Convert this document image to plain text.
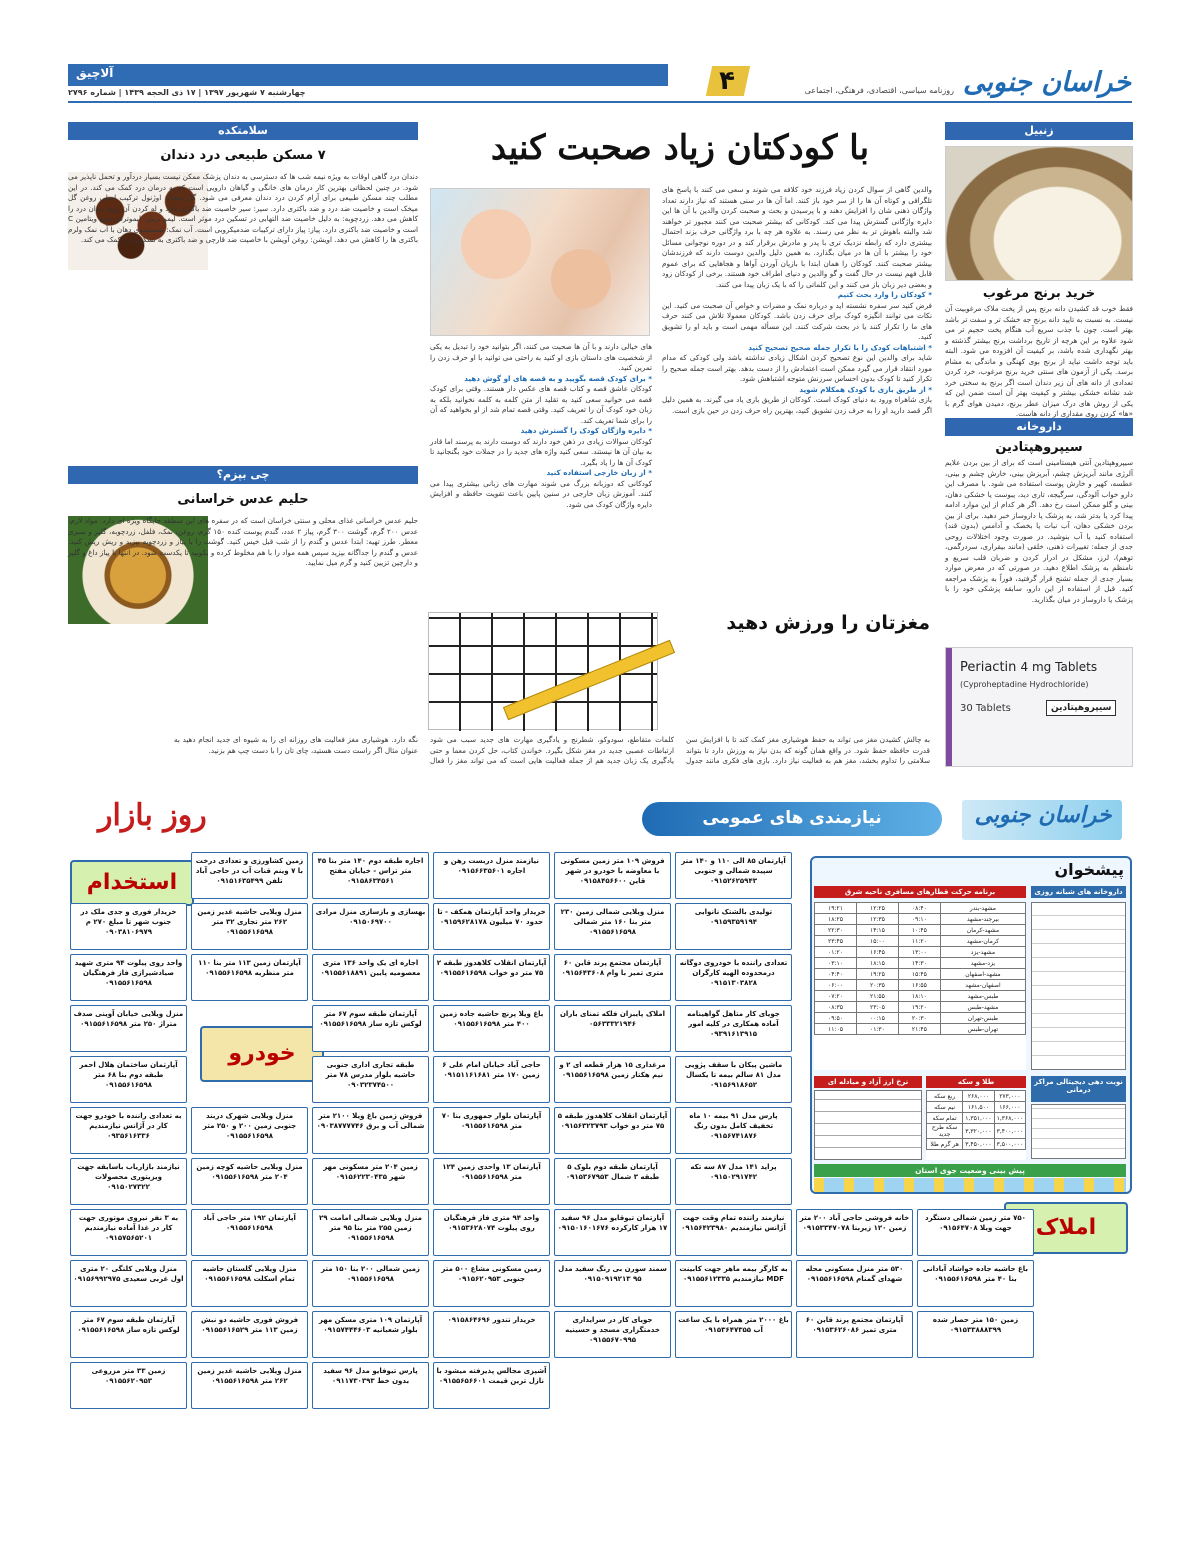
خراسان جنوبی
روزنامه سیاسی، اقتصادی، فرهنگی، اجتماعی
۴
آلاچیق
چهارشنبه ۷ شهریور ۱۳۹۷ | ۱۷ ذی الحجه ۱۴۳۹ | شماره ۲۷۹۶
زنبیل
خرید برنج مرغوب
فقط خوب قد کشیدن دانه برنج پس از پخت ملاک مرغوبیت آن نیست. به نسبت به تایید دانه برنج جه خشک تر و سفت تر باشد بهتر است. چون با جذب سریع آب هنگام پخت حجیم تر می شود علاوه بر این هرچه از تاریخ برداشت برنج بیشتر گذشته و بهتر نگهداری شده باشد، بر کیفیت آن افزوده می شود. البته باید توجه داشت نباید از برنج بوی کهنگی و ماندگی به مشام برسد. یکی از آزمون های سنتی خرید برنج مرغوب، خرد کردن تعدادی از دانه های آن زیر دندان است اگر برنج به سختی خرد شد نشانه خشکی بیشتر و کیفیت بهتر آن است ضمن این که یکی از روش های درک میزان عطر برنج، دمیدن هوای گرم با «ها» کردن روی مقداری از دانه هاست.
داروخانه
سیپروهپتادین
سیپروهپتادین آنتی هیستامینی است که برای از بین بردن علایم آلرژی مانند آبریزش چشم، آبریزش بینی، خارش چشم و بینی، عطسه، کهیر و خارش پوست استفاده می شود. با مصرف این دارو خواب آلودگی، سرگیجه، تاری دید، یبوست یا خشکی دهان، بینی و گلو ممکن است رخ دهد. اگر هر کدام از این موارد ادامه پیدا کرد یا بدتر شد، به پزشک یا داروساز خبر دهید. برای از بین بردن خشکی دهان، آب نبات یا بخصک و آدامس (بدون قند) استفاده کنید یا آب بنوشید. در صورت وجود اختلالات روحی جدی از جمله: تغییرات ذهنی، خلقی (مانند بیقراری، سردرگمی، توهم)، لرز، مشکل در ادرار کردن و ضربان قلب سریع و نامنظم به پزشک اطلاع دهید. در صورتی که در معرض موارد بسیار جدی از جمله تشنج قرار گرفتید، فوراً به پزشک مراجعه کنید. قبل از استفاده از این دارو، سابقه پزشکی خود را با پزشک یا داروساز در میان بگذارید.
Periactin 4 mg Tablets
(Cyproheptadine Hydrochloride)
30 Tablets	سیپروهپتادین
با کودکتان زیاد صحبت کنید

والدین گاهی از سوال کردن زیاد فرزند خود کلافه می شوند و سعی می کنند با پاسخ های تلگرافی و کوتاه آن ها را از سر خود باز کنند. اما آن ها در سنی هستند که نیاز دارند تعداد واژگان ذهنی شان را افزایش دهند و با پرسیدن و بحث و صحبت کردن والدین با آن ها این دایره واژگانی گسترش پیدا می کند. کودکانی که بیشتر صحبت می کنند مجبور تر خواهند شد والبته باهوش تر به نظر می رسند. به علاوه هر چه با برد واژگانی حرف بزند احتمال بیشتری دارد که رابطه نزدیک تری با پدر و مادرش برقرار کند و در دوره نوجوانی مسائل خود را بیشتر با آن ها در میان بگذارد. به همین دلیل والدین دوست دارند که فرزندشان بیشتر صحبت کنند. کودکان را همان ابتدا با بازیان آوردن آواها و هجاهایی که برای عموم قابل فهم نیست در حال گفت و گو والدین و دنیای اطراف خود هستند. برخی از کودکان زود و بعضی دیر زبان باز می کنند و این کلماتی را که با یک زبان پیدا می کنند.

* کودکان را وارد بحث کنیم

فرض کنید سر سفره نشسته اید و درباره نمک و مضرات و خواص آن صحبت می کنید. این نکات می توانند انگیزه کودک برای حرف زدن باشد. کودکان معمولا تلاش می کنند حرف های ما را تکرار کنند یا در بحث شرکت کنند. این مسأله مهمی است و باید او را تشویق کنید.

* اشتباهات کودک را با تکرار جمله صحیح تصحیح کنید

شاید برای والدین این نوع تصحیح کردن اشکال زیادی نداشته باشد ولی کودکی که مدام مورد انتقاد قرار می گیرد ممکن است اعتمادش را از دست بدهد. بهتر است جمله صحیح را تکرار کنید تا کودک بدون احساس سرزنش متوجه اشتباهش شود.

* از طریق بازی با کودک همکلام شوید

بازی شاهراه ورود به دنیای کودک است. کودکان از طریق بازی یاد می گیرند. به همین دلیل اگر قصد دارید او را به حرف زدن تشویق کنید، بهترین راه حرف زدن در حین بازی است.

های خیالی دارند و با آن ها صحبت می کنند، اگر بتوانید خود را تبدیل به یکی از شخصیت های داستان بازی او کنید به راحتی می توانید با او حرف زدن را تمرین کنید.

* برای کودک قصه بگویید و به قصه های او گوش دهید

کودکان عاشق قصه و کتاب قصه های عکس دار هستند. وقتی برای کودک قصه می خوانید سعی کنید به تقلید از متن کلمه به کلمه نخوانید بلکه به زبان خود کودک آن را تعریف کنید. وقتی قصه تمام شد از او بخواهید که آن را برای شما تعریف کند.

* دایره واژگان کودک را گسترش دهید

کودکان سوالات زیادی در ذهن خود دارند که دوست دارند به پرسند اما قادر به بیان آن ها نیستند. سعی کنید واژه های جدید را در جملات خود بگنجانید تا کودک آن ها را یاد بگیرد.

* از زبان خارجی استفاده کنید

کودکانی که دوزبانه بزرگ می شوند مهارت های زبانی بیشتری پیدا می کنند. آموزش زبان خارجی در سنین پایین باعث تقویت حافظه و افزایش دایره واژگان کودک می شود.

مغزتان را ورزش دهید
به چالش کشیدن مغز می تواند به حفظ هوشیاری مغز کمک کند تا با افزایش سن قدرت حافظه حفظ شود. در واقع همان گونه که بدن نیاز به ورزش دارد تا بتواند سلامتی را تداوم بخشد، مغز هم به فعالیت نیاز دارد. بازی های فکری مانند جدول کلمات متقاطع، سودوکو، شطرنج و یادگیری مهارت های جدید سبب می شود ارتباطات عصبی جدید در مغز شکل بگیرد. خواندن کتاب، حل کردن معما و حتی یادگیری یک زبان جدید هم از جمله فعالیت هایی است که می تواند مغز را فعال نگه دارد. هوشیاری مغز فعالیت های روزانه ای را به شیوه ای جدید انجام دهید به عنوان مثال اگر راست دست هستید، چای تان را با دست چپ هم بزنید.
سلامتکده
۷ مسکن طبیعی درد دندان
دندان درد گاهی اوقات به ویژه نیمه شب ها که دسترسی به دندان پزشک ممکن نیست بسیار دردآور و تحمل ناپذیر می شود. در چنین لحظاتی بهترین کار درمان های خانگی و گیاهان دارویی است که به درمان درد کمک می کند. در این مطلب چند مسکن طبیعی برای آرام کردن درد دندان معرفی می شود. گل میخک: اوژنول ترکیب اصلی روغن گل میخک است و خاصیت ضد درد و ضد باکتری دارد. سیر: سیر خاصیت ضد باکتری دارد و له کردن آن روی دندان درد را کاهش می دهد. زردچوبه: به دلیل خاصیت ضد التهابی در تسکین درد موثر است. لیمو ترش: لیموترش منبع ویتامین C است و خاصیت ضد باکتری دارد. پیاز: پیاز دارای ترکیبات ضدمیکروبی است. آب نمک: شستشوی دهان با آب نمک ولرم باکتری ها را کاهش می دهد. اویشن: روغن آویشن با خاصیت ضد قارچی و ضد باکتری به تسکین درد کمک می کند.
چی بپزم؟
حلیم عدس خراسانی
حلیم عدس خراسانی غذای محلی و سنتی خراسان است که در سفره های این منطقه جایگاه ویژه ای دارد. مواد لازم: عدس ۲۰۰ گرم، گوشت ۳۰۰ گرم، پیاز ۲ عدد، گندم پوست کنده ۱۵۰ گرم، روغن، نمک، فلفل، زردچوبه، گلپر و سبزی معطر. طرز تهیه: ابتدا عدس و گندم را از شب قبل خیس کنید. گوشت را با پیاز و زردچوبه بپزید و ریش ریش کنید. عدس و گندم را جداگانه بپزید سپس همه مواد را با هم مخلوط کرده و بکوبید تا یکدست شود. در انتها با پیاز داغ و گلپر و دارچین تزیین کنید و گرم میل نمایید.
خراسان جنوبی
نیازمندی های عمومی
روز بازار
پیشخوان
داروخانه های شبانه روزی
برنامه حرکت قطارهای مسافری ناحیه شرق
مشهد-بندر	۰۸:۴۰	۱۲:۲۵	۱۹:۲۱
بیرجند-مشهد	۰۹:۱۰	۱۲:۳۵	۱۸:۲۵
مشهد-کرمان	۱۰:۴۵	۱۴:۱۵	۲۲:۳۰
کرمان-مشهد	۱۱:۲۰	۱۵:۰۰	۲۳:۴۵
مشهد-یزد	۱۳:۰۰	۱۶:۴۵	۰۱:۲۰
یزد-مشهد	۱۴:۳۰	۱۸:۱۵	۰۳:۱۰
مشهد-اصفهان	۱۵:۴۵	۱۹:۲۵	۰۴:۴۰
اصفهان-مشهد	۱۶:۵۵	۲۰:۳۵	۰۶:۰۰
طبس-مشهد	۱۸:۱۰	۲۱:۵۵	۰۷:۲۰
مشهد-طبس	۱۹:۲۰	۲۳:۰۵	۰۸:۳۵
طبس-تهران	۲۰:۳۰	۰۰:۱۵	۰۹:۵۰
تهران-طبس	۲۱:۴۵	۰۱:۳۰	۱۱:۰۵
نوبت دهی دیجیتالی مراکز درمانی
طلا و سکه
۲۷۳,۰۰۰	۲۶۸,۰۰۰	ربع سکه
۱۶۶,۰۰۰	۱۶۱,۵۰۰	نیم سکه
۱,۳۶۸,۰۰۰	۱,۳۵۱,۰۰۰	تمام سکه
۳,۴۰۰,۰۰۰	۳,۳۲۰,۰۰۰	سکه طرح جدید
۳,۵۰۰,۰۰۰	۳,۴۵۰,۰۰۰	هر گرم طلا
نرخ ارز آزاد و مبادله ای
پیش بینی وضعیت جوی استان
استخدام
خودرو
املاک
زمین کشاورزی و تعدادی درخت با ۷ وینم قنات آب در حاجی آباد تلفن ۰۹۱۵۱۶۳۵۴۹۹
اجاره طبقه دوم ۱۴۰ متر بنا ۴۵ متر تراس - خیابان مفتح ۰۹۱۵۸۶۳۴۵۶۱
نیازمند منزل دربست رهن و اجاره ۰۹۱۵۶۶۳۵۶۰۱
فروش ۱۰۹ متر زمین مسکونی با معاوضه با خودرو در شهر قاین ۰۹۱۵۸۴۵۶۶۰۰
آپارتمان ۸۵ الی ۱۱۰ و ۱۴۰ متر سپیده شمالی و جنوبی ۰۹۱۵۲۶۲۵۹۴۳
خریدار فوری و جدی ملک در جنوب شهر تا مبلغ ۲۷۰ م ۰۹۰۳۸۱۰۶۹۷۹
منزل ویلایی حاشیه غدیر زمین ۲۶۲ متر تجاری ۳۲ متر ۰۹۱۵۵۶۱۶۵۹۸
بهسازی و بازسازی منزل مرادی ۰۹۱۵۰۶۹۷۰۰
خریدار واحد آپارتمان همکف - تا حدود ۷۰ میلیون ۰۹۱۵۹۶۲۸۱۷۸
منزل ویلایی شمالی زمین ۲۳۰ متر بنا ۱۶۰ متر شمالی ۰۹۱۵۵۶۱۶۵۹۸
تولیدی بالشتک نانوایی ۰۹۱۵۹۳۵۹۱۹۴
واحد روی پیلوت ۹۴ متری شهید صیادشیرازی فاز فرهنگیان ۰۹۱۵۵۶۱۶۵۹۸
آپارتمان زمین ۱۱۳ متر بنا ۱۱۰ متر منظریه ۰۹۱۵۵۶۱۶۵۹۸
اجاره ای یک واحد ۱۳۶ متری معصومیه پایین ۰۹۱۵۵۶۱۸۸۹۱
آپارتمان انقلاب کلاهدوز طبقه ۲ ۷۵ متر دو خواب ۰۹۱۵۵۶۱۶۵۹۸
آپارتمان مجتمع پرند قاین ۶۰ متری تمیز با وام ۰۹۱۵۶۴۳۶۰۸
تعدادی راننده با خودروی دوگانه درمحدوده الهیه کارگران ۰۹۱۵۱۳۰۳۸۲۸
منزل ویلایی خیابان آوینی صدف متراژ ۲۵۰ متر ۰۹۱۵۵۶۱۶۵۹۸
آپارتمان طبقه سوم ۶۷ متر لوکس تازه ساز ۰۹۱۵۵۶۱۶۵۹۸
باغ ویلا پرنچ حاشیه جاده زمین ۴۰۰ متر ۰۹۱۵۵۶۱۶۵۹۸
املاک پایبزان فلکه تمنای باران ۰۵۶۳۳۳۲۱۹۴۶
جویای کار متاهل گواهینامه آماده همکاری در کلیه امور ۰۹۳۹۱۶۱۳۹۱۵
آپارتمان ساختمان هلال احمر طبقه دوم بنا ۶۸ متر ۰۹۱۵۵۶۱۶۵۹۸
طبقه تجاری اداری جنوبی حاشیه بلوار مدرس ۷۸ متر ۰۹۰۳۲۳۷۴۵۰۰
حاجی آباد خیابان امام علی ۶ زمین ۱۷۰ متر ۰۹۱۵۱۱۶۱۶۸۱
مرغداری ۱۵ هزار قطعه ای ۲ و نیم هکتار زمین ۰۹۱۵۵۶۱۶۵۹۸
ماشین پیکان با سقف پژویی مدل ۸۱ سالم بیمه تا یکسال ۰۹۱۵۶۹۱۸۶۵۲
به تعدادی راننده با خودرو جهت کار در آژانس نیازمندیم ۰۹۳۵۶۱۶۳۳۶
منزل ویلایی شهرک دربند جنوبی زمین ۲۰۰ و ۲۵۰ متر ۰۹۱۵۵۶۱۶۵۹۸
فروش زمین باغ ویلا ۲۱۰۰ متر شمالی آب و برق ۰۹۰۳۸۷۷۷۷۴۶
آپارتمان بلوار جمهوری بنا ۷۰ متر ۰۹۱۵۵۶۱۶۵۹۸
آپارتمان انقلاب کلاهدوز طبقه ۵ ۷۵ متر دو خواب ۰۹۱۵۶۳۲۳۷۹۳
پارس مدل ۹۱ بیمه ۱۰ ماه تخفیف کامل بدون رنگ ۰۹۱۵۶۷۴۱۸۷۶
نیازمند بازاریاب باسابقه جهت ویزیتوری محصولات ۰۹۱۵۰۲۷۳۲۲
منزل ویلایی حاشیه کوچه زمین ۲۰۴ متر ۰۹۱۵۵۶۱۶۵۹۸
زمین ۲۰۴ متر مسکونی مهر شهر ۰۹۱۵۶۲۲۳۰۴۳۵
آپارتمان ۱۳ واحدی زمین ۱۲۴ متر ۰۹۱۵۵۶۱۶۵۹۸
آپارتمان طبقه دوم بلوک ۵ طبقه ۳ شمال ۰۹۱۵۳۶۷۹۵۳
پراید ۱۴۱ مدل ۸۷ سه تکه ۰۹۱۵۰۲۹۱۷۴۲
به ۳ نفر نیروی موتوری جهت کار در غذا آماده نیازمندیم ۰۹۱۵۷۵۶۵۲۰۱
آپارتمان ۱۹۲ متر حاجی آباد ۰۹۱۵۵۶۱۶۵۹۸
منزل ویلایی شمالی امامت ۲۹ زمین ۲۵۵ متر بنا ۹۵ متر ۰۹۱۵۵۶۱۶۵۹۸
واحد ۹۴ متری فاز فرهنگیان روی پیلوت ۰۹۱۵۳۶۲۸۰۷۴
آپارتمان تیوقایو مدل ۹۶ سفید ۱۷ هزار کارکرده ۰۹۱۵۰۱۶۰۱۶۷۶
نیازمند راننده تمام وقت جهت آژانس نیازمندیم ۰۹۱۵۶۴۲۳۹۸۰
خانه فروشی حاجی آباد ۲۰۰ متر زمین ۱۲۰ زیربنا ۰۹۱۵۳۳۴۷۰۷۸
۷۵۰ متر زمین شمالی دستگرد جهت ویلا ۰۹۱۵۶۴۷۰۸
منزل ویلایی کلنگی ۲۰ متری اول غربی سعیدی ۰۹۱۵۶۹۹۲۹۷۵
منزل ویلایی گلستان حاشیه تمام اسکلت ۰۹۱۵۵۶۱۶۵۹۸
زمین شمالی ۲۰۰ بنا ۱۵۰ متر ۰۹۱۵۵۶۱۶۵۹۸
زمین مسکونی مشاع ۵۰۰ متر جنوبی ۰۹۱۵۶۲۰۹۵۳
سمند سورن بی رنگ سفید مدل ۹۵ ۰۹۱۵۰۹۱۹۲۱۳
به کارگر بیمه ماهر جهت کابینت MDF نیازمندیم ۰۹۱۵۵۶۱۲۳۳۵
۵۳۰ متر منزل مسکونی محله شهدای گمنام ۰۹۱۵۵۶۱۶۵۹۸
باغ حاشیه جاده خواشاد آبادانی بنا ۴۰ متر ۰۹۱۵۵۶۱۶۵۹۸
آپارتمان طبقه سوم ۶۷ متر لوکس تازه ساز ۰۹۱۵۵۶۱۶۵۹۸
فروش فوری حاشیه دو نبش زمین ۱۱۳ متر ۰۹۱۵۵۶۱۶۵۲۹
آپارتمان ۱۰۹ متری مسکن مهر بلوار شعبانیه ۰۹۱۵۷۴۴۴۶۰۳
خریدار تندور ۰۹۱۵۸۶۴۶۹۶	جویای کار در سرایداری خدمتگزاری مسجد و حسینیه ۰۹۱۵۵۶۷۰۹۹۵
باغ ۲۰۰۰ متر همراه با یک ساعت آب ۰۹۱۵۳۶۴۷۳۵۵
آپارتمان مجتمع پرند قاین ۶۰ متری تمیز ۰۹۱۵۳۶۲۶۰۸۶
زمین ۱۵۰ متر حصار شده ۰۹۱۵۳۳۸۸۸۳۹۹
زمین ۳۳ متر مزروعی ۰۹۱۵۵۶۲۰۹۵۳
منزل ویلایی حاشیه غدیر زمین ۲۶۲ متر ۰۹۱۵۵۶۱۶۵۹۸
پارس تیوفایو مدل ۹۶ سفید بدون خط ۰۹۱۱۷۳۰۳۹۳
آشپزی مجالس پذیرفته میشود با نازل ترین قیمت ۰۹۱۵۵۶۵۶۶۰۱
